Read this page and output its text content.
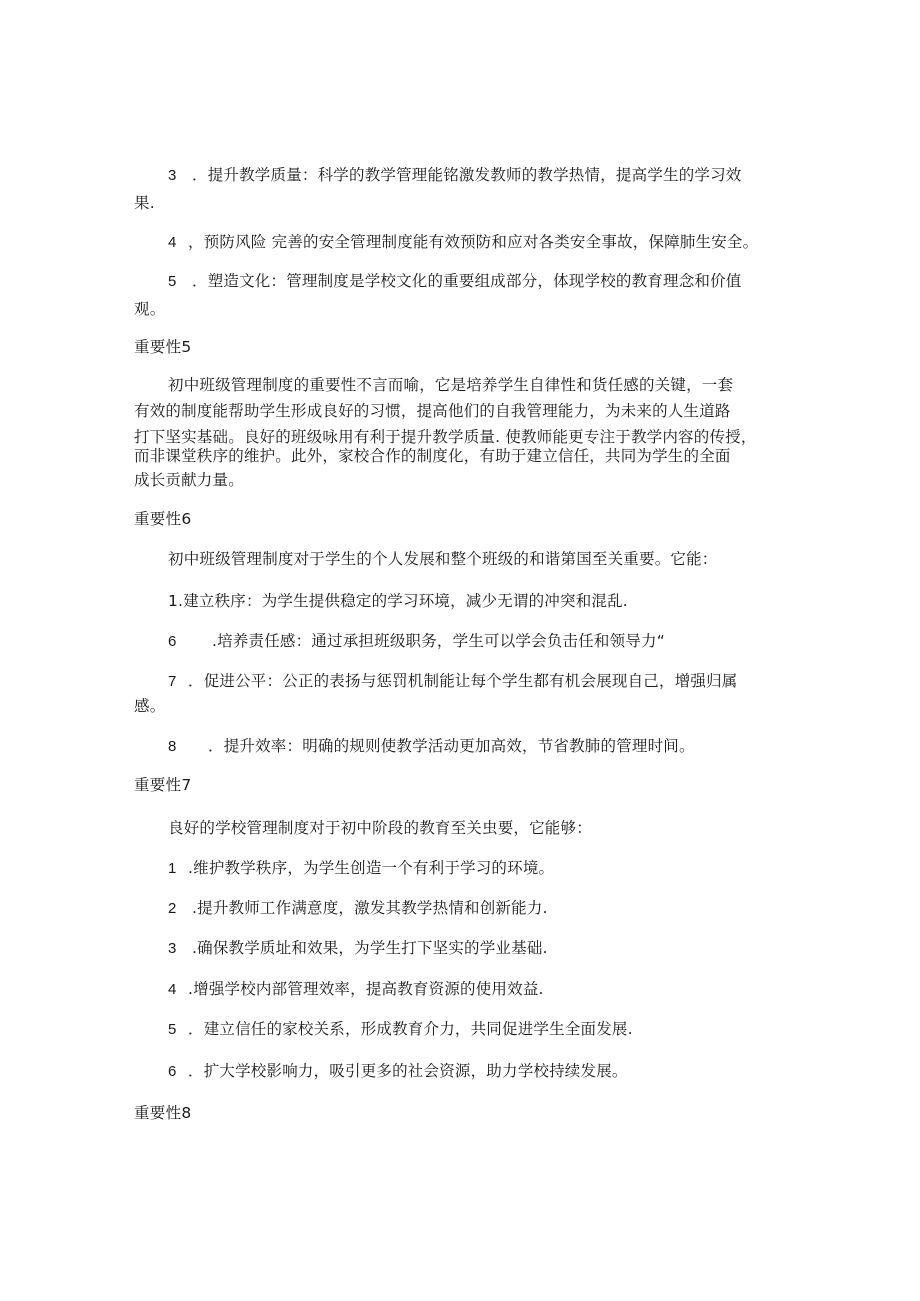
3 ．提升教学质量：科学的教学管理能铭激发教师的教学热情，提高学生的学习效
果.
4 ，预防风险 完善的安全管理制度能有效预防和应对各类安全事故，保障肺生安全。
5 ．塑造文化：管理制度是学校文化的重要组成部分，体现学校的教育理念和价值
观。
重要性5
初中班级管理制度的重要性不言而喻，它是培养学生自律性和货任感的关键，一套
有效的制度能帮助学生形成良好的习惯，提高他们的自我管理能力，为未来的人生道路
打下坚实基础。良好的班级咏用有利于提升教学质量. 使教师能更专注于教学内容的传授，
而非课堂秩序的维护。此外，家校合作的制度化，有助于建立信任，共同为学生的全面
成长贡献力量。
重要性6
初中班级管理制度对于学生的个人发展和整个班级的和谐第国至关重要。它能：
1.建立秩序：为学生提供稳定的学习环境，减少无谓的冲突和混乱.
6 .培养责任感：通过承担班级职务，学生可以学会负击任和领导力“
7 ．促进公平：公正的表扬与惩罚机制能让每个学生都有机会展现自己，增强归属
感。
8 ．提升效率：明确的规则使教学活动更加高效，节省教肺的管理时间。
重要性7
良好的学校管理制度对于初中阶段的教育至关虫要，它能够：
1 .维护教学秩序，为学生创造一个有利于学习的环境。
2 .提升教师工作满意度，激发其教学热情和创新能力.
3 .确保教学质址和效果，为学生打下坚实的学业基础.
4 .增强学校内部管理效率，提高教育资源的使用效益.
5 ．建立信任的家校关系，形成教育介力，共同促进学生全面发展.
6 ．扩大学校影响力，吸引更多的社会资源，助力学校持续发展。
重要性8
